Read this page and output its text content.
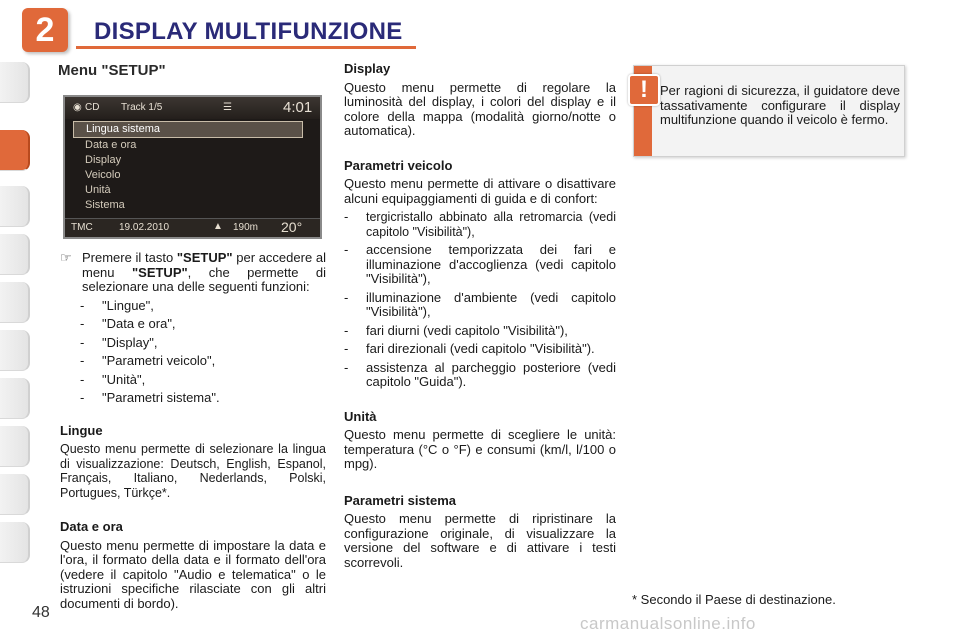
2	DISPLAY MULTIFUNZIONE
Menu "SETUP"
◉ CD Track 1/5	☰	4:01
Lingua sistema
Data e ora
Display
Veicolo
Unità
Sistema
TMC	19.02.2010	▲ 190m 20°
☞ Premere il tasto "SETUP" per accedere al menu "SETUP", che permette di selezionare una delle seguenti funzioni:

-	"Lingue",
-	"Data e ora",
-	"Display",
-	"Parametri veicolo",
-	"Unità",
-	"Parametri sistema".
Lingue

Questo menu permette di selezionare la lingua di visualizzazione: Deutsch, English, Espanol, Français, Italiano, Nederlands, Polski, Portugues, Türkçe*.

Data e ora

Questo menu permette di impostare la data e l'ora, il formato della data e il formato dell'ora (vedere il capitolo "Audio e telematica" o le istruzioni specifiche rilasciate con gli altri documenti di bordo).

Display

Questo menu permette di regolare la luminosità del display, i colori del display e il colore della mappa (modalità giorno/notte o automatica).

Parametri veicolo

Questo menu permette di attivare o disattivare alcuni equipaggiamenti di guida e di confort:

-	tergicristallo abbinato alla retromarcia (vedi capitolo "Visibilità"),
-	accensione temporizzata dei fari e illuminazione d'accoglienza (vedi capitolo "Visibilità"),
-	illuminazione d'ambiente (vedi capitolo "Visibilità"),
-	fari diurni (vedi capitolo "Visibilità"),
-	fari direzionali (vedi capitolo "Visibilità").
-	assistenza al parcheggio posteriore (vedi capitolo "Guida").
Unità

Questo menu permette di scegliere le unità: temperatura (°C o °F) e consumi (km/l, l/100 o mpg).

Parametri sistema

Questo menu permette di ripristinare la configurazione originale, di visualizzare la versione del software e di attivare i testi scorrevoli.

! Per ragioni di sicurezza, il guidatore deve tassativamente configurare il display multifunzione quando il veicolo è fermo.

* Secondo il Paese di destinazione.
48
carmanualsonline.info
